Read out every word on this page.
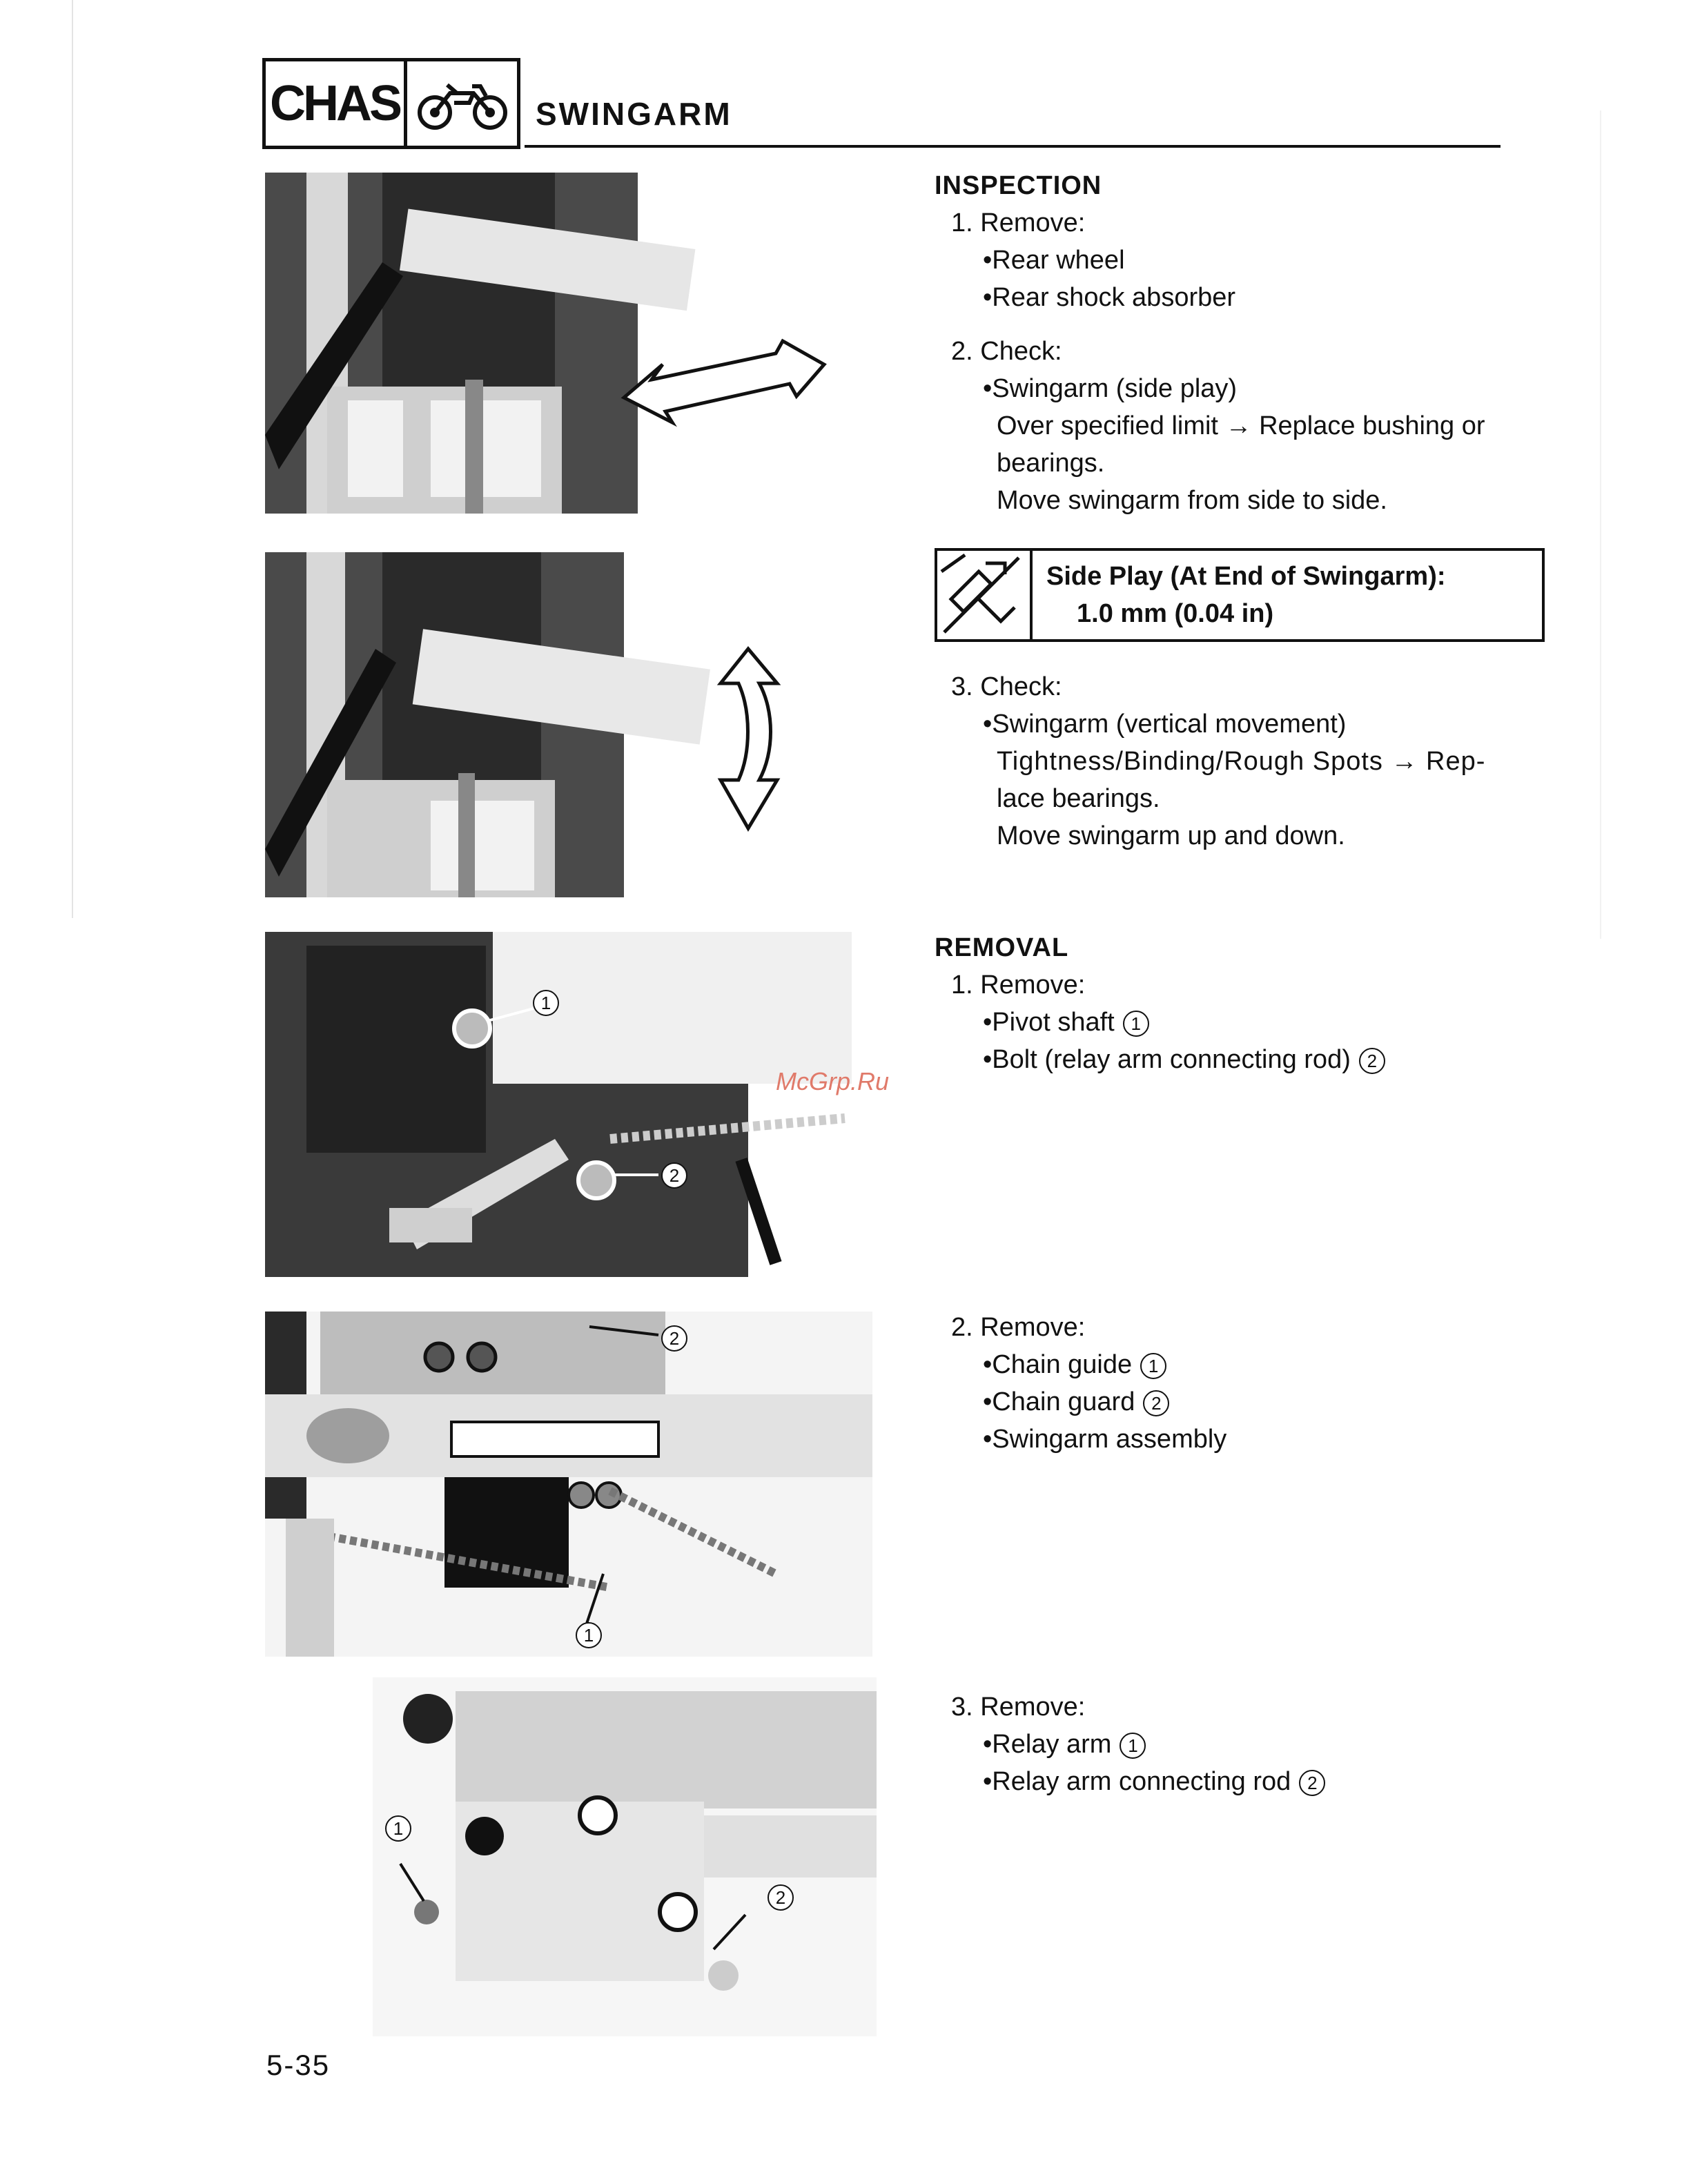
CHAS	SWINGARM
1
2
McGrp.Ru
2
1
1
2
INSPECTION
1. Remove:
•Rear wheel
•Rear shock absorber
2. Check:
•Swingarm (side play)
Over specified limit → Replace bushing or
bearings.
Move swingarm from side to side.
Side Play (At End of Swingarm):
1.0 mm (0.04 in)
3. Check:
•Swingarm (vertical movement)
Tightness/Binding/Rough Spots → Rep-
lace bearings.
Move swingarm up and down.
REMOVAL
1. Remove:
•Pivot shaft 1
•Bolt (relay arm connecting rod) 2
2. Remove:
•Chain guide 1
•Chain guard 2
•Swingarm assembly
3. Remove:
•Relay arm 1
•Relay arm connecting rod 2
5-35
